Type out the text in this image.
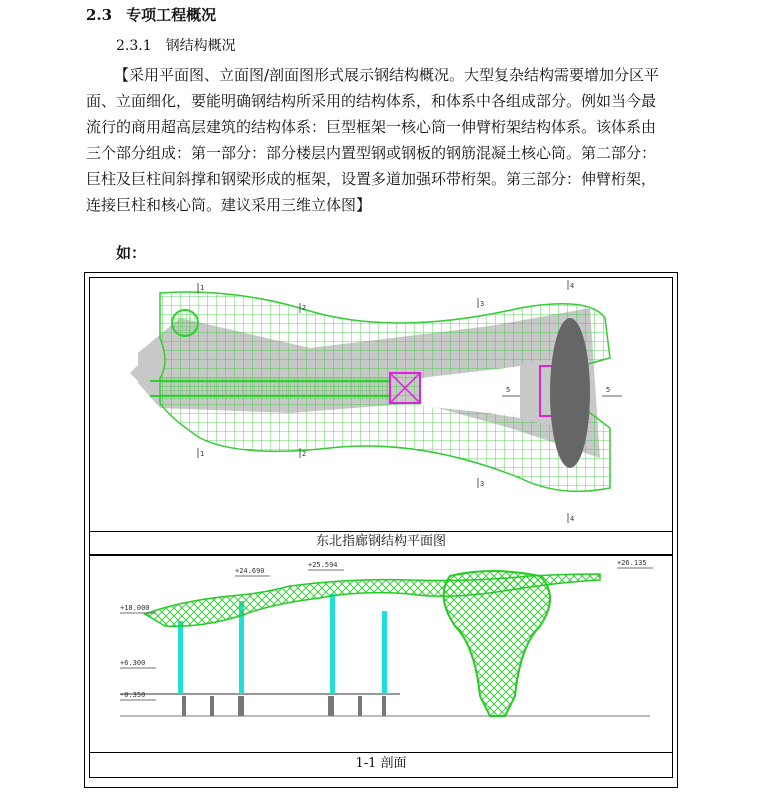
2.3 专项工程概况
2.3.1 钢结构概况

【采用平面图、立面图/剖面图形式展示钢结构概况。大型复杂结构需要增加分区平

面、立面细化，要能明确钢结构所采用的结构体系，和体系中各组成部分。例如当今最

流行的商用超高层建筑的结构体系：巨型框架一核心筒一伸臂桁架结构体系。该体系由

三个部分组成：第一部分：部分楼层内置型钢或钢板的钢筋混凝土核心筒。第二部分：

巨柱及巨柱间斜撑和钢梁形成的框架，设置多道加强环带桁架。第三部分：伸臂桁架，

连接巨柱和核心筒。建议采用三维立体图】

如：
1
1
2
2
3
3
4
4
5	5
东北指廊钢结构平面图
+18.000
+24.690
+25.594	+26.135
+6.300
-0.350
1-1 剖面
